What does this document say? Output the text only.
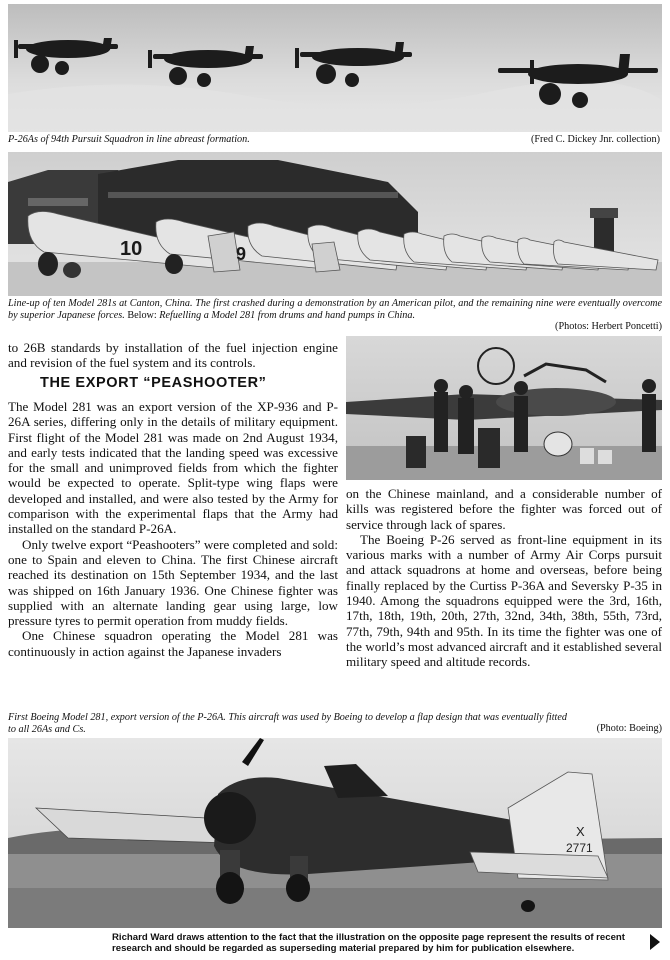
P-26As of 94th Pursuit Squadron in line abreast formation.	(Fred C. Dickey Jnr. collection)
10	9
Line-up of ten Model 281s at Canton, China. The first crashed during a demonstration by an American pilot, and the remaining nine were eventually overcome by superior Japanese forces. Below: Refuelling a Model 281 from drums and hand pumps in China.
(Photos: Herbert Poncetti)

to 26B standards by installation of the fuel injection engine and revision of the fuel system and its controls.

THE EXPORT “PEASHOOTER”

The Model 281 was an export version of the XP-936 and P-26A series, differing only in the details of military equipment. First flight of the Model 281 was made on 2nd August 1934, and early tests indicated that the landing speed was excessive for the small and unimproved fields from which the fighter would be expected to operate. Split-type wing flaps were developed and installed, and were also tested by the Army for comparison with the experimental flaps that the Army had installed on the standard P-26A.

Only twelve export “Peashooters” were completed and sold: one to Spain and eleven to China. The first Chinese aircraft reached its destination on 15th September 1934, and the last was shipped on 16th January 1936. One Chinese fighter was supplied with an alternate landing gear using large, low pressure tyres to permit operation from muddy fields.

One Chinese squadron operating the Model 281 was continuously in action against the Japanese invaders

on the Chinese mainland, and a considerable number of kills was registered before the fighter was forced out of service through lack of spares.

The Boeing P-26 served as front-line equipment in its various marks with a number of Army Air Corps pursuit and attack squadrons at home and overseas, before being finally replaced by the Curtiss P-36A and Seversky P-35 in 1940. Among the squadrons equipped were the 3rd, 16th, 17th, 18th, 19th, 20th, 27th, 32nd, 34th, 38th, 55th, 73rd, 77th, 79th, 94th and 95th. In its time the fighter was one of the world’s most advanced aircraft and it established several military speed and altitude records.

First Boeing Model 281, export version of the P-26A. This aircraft was used by Boeing to develop a flap design that was eventually fitted to all 26As and Cs.	(Photo: Boeing)
X
2771
Richard Ward draws attention to the fact that the illustration on the opposite page represent the results of recent research and should be regarded as superseding material prepared by him for publication elsewhere.
